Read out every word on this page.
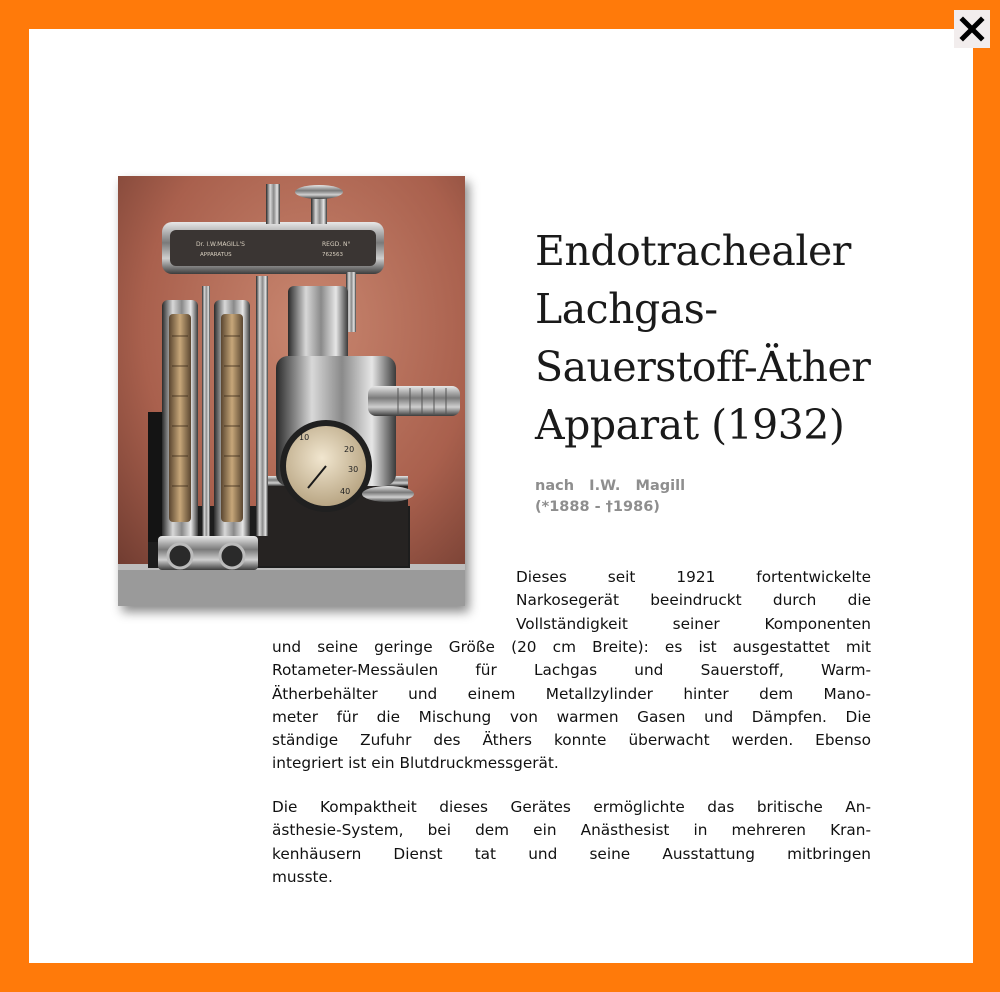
Dr. I.W.MAGILL'S
APPARATUS
REGD. N°
762563
10
20
30
40
Endotrachealer
Lachgas-
Sauerstoff-Äther
Apparat (1932)
nach   I.W.   Magill
(*1888 - †1986)

Dieses seit 1921 fortentwickelte
Narkosegerät beeindruckt durch die
Vollständigkeit seiner Komponenten

und seine geringe Größe (20 cm Breite): es ist ausgestattet mit
Rotameter-Messäulen für Lachgas und Sauerstoff, Warm-
Ätherbehälter und einem Metallzylinder hinter dem Mano-
meter für die Mischung von warmen Gasen und Dämpfen. Die
ständige Zufuhr des Äthers konnte überwacht werden. Ebenso
integriert ist ein Blutdruckmessgerät.

Die Kompaktheit dieses Gerätes ermöglichte das britische An-
ästhesie-System, bei dem ein Anästhesist in mehreren Kran-
kenhäusern Dienst tat und seine Ausstattung mitbringen
musste.
